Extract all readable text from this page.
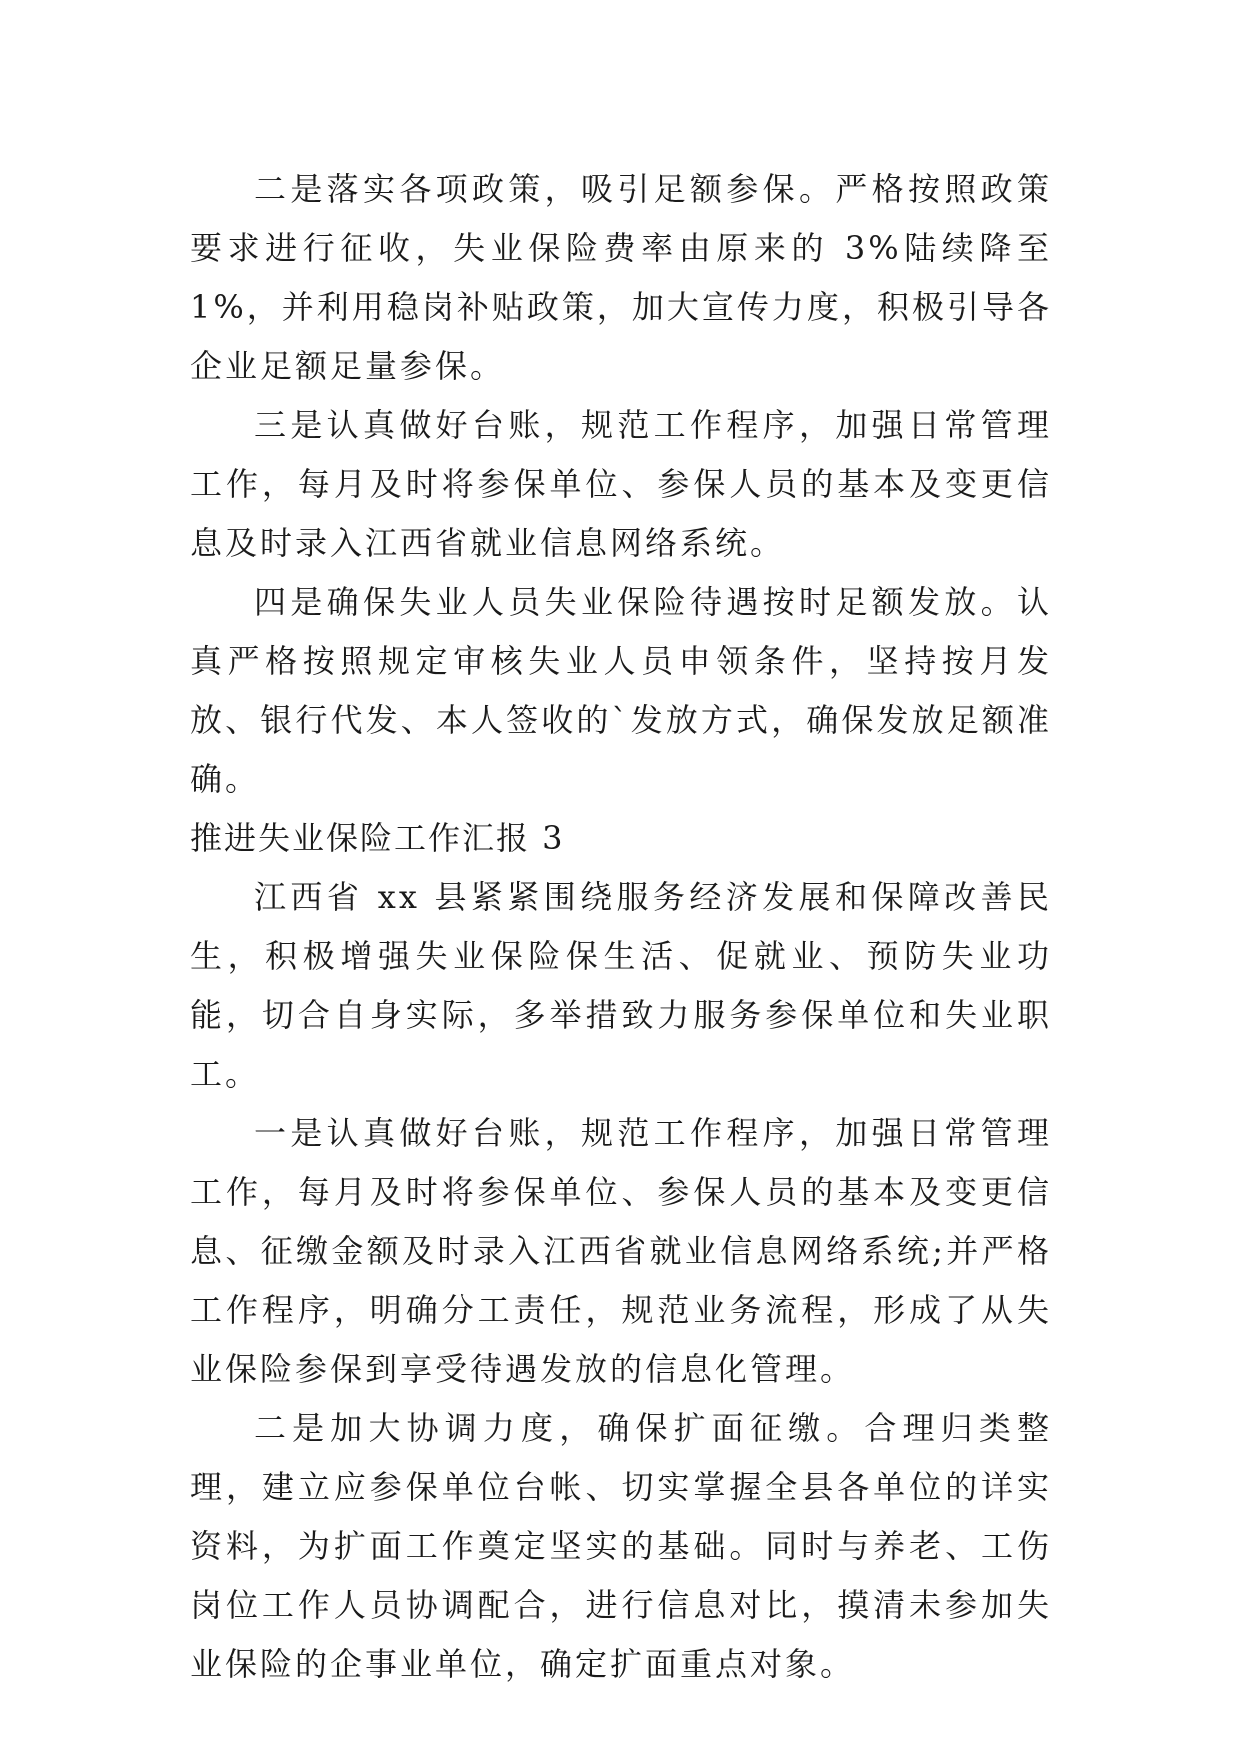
二是落实各项政策，吸引足额参保。严格按照政策要求进行征收，失业保险费率由原来的 3%陆续降至 1%，并利用稳岗补贴政策，加大宣传力度，积极引导各企业足额足量参保。

三是认真做好台账，规范工作程序，加强日常管理工作，每月及时将参保单位、参保人员的基本及变更信息及时录入江西省就业信息网络系统。

四是确保失业人员失业保险待遇按时足额发放。认真严格按照规定审核失业人员申领条件，坚持按月发放、银行代发、本人签收的`发放方式，确保发放足额准确。

推进失业保险工作汇报 3

江西省 xx 县紧紧围绕服务经济发展和保障改善民生，积极增强失业保险保生活、促就业、预防失业功能，切合自身实际，多举措致力服务参保单位和失业职工。

一是认真做好台账，规范工作程序，加强日常管理工作，每月及时将参保单位、参保人员的基本及变更信息、征缴金额及时录入江西省就业信息网络系统;并严格工作程序，明确分工责任，规范业务流程，形成了从失业保险参保到享受待遇发放的信息化管理。

二是加大协调力度，确保扩面征缴。合理归类整理，建立应参保单位台帐、切实掌握全县各单位的详实资料，为扩面工作奠定坚实的基础。同时与养老、工伤岗位工作人员协调配合，进行信息对比，摸清未参加失业保险的企事业单位，确定扩面重点对象。
